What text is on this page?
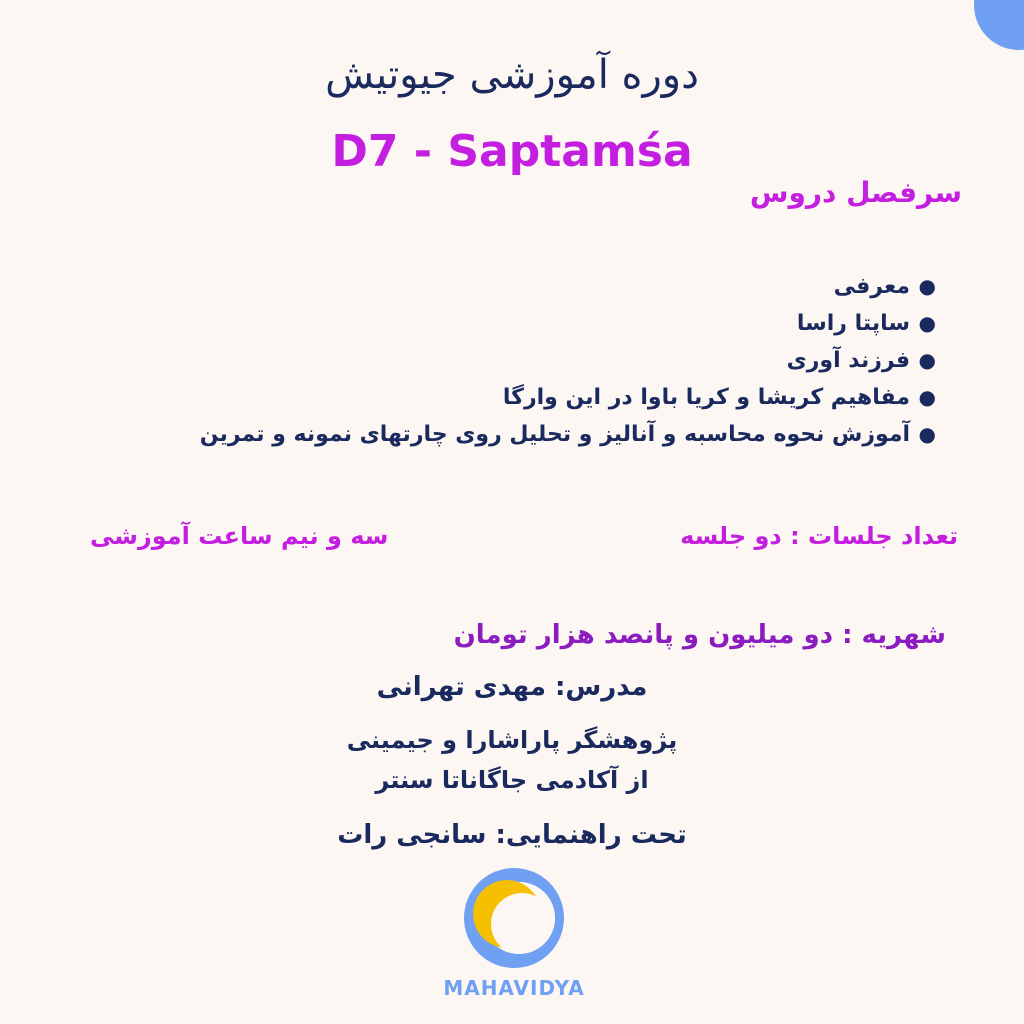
دوره آموزشی جیوتیش
D7 - Saptamśa
سرفصل دروس
●
معرفی
●
ساپتا راسا
●
فرزند آوری
●
مفاهیم کریشا و کریا باوا در این وارگا
●
آموزش نحوه محاسبه و آنالیز و تحلیل روی چارتهای نمونه و تمرین
تعداد جلسات : دو جلسه
سه و نیم ساعت آموزشی
شهریه : دو میلیون و پانصد هزار تومان
مدرس: مهدی تهرانی
پژوهشگر پاراشارا و جیمینی
از آکادمی جاگاناتا سنتر
تحت راهنمایی: سانجی رات
MAHAVIDYA
